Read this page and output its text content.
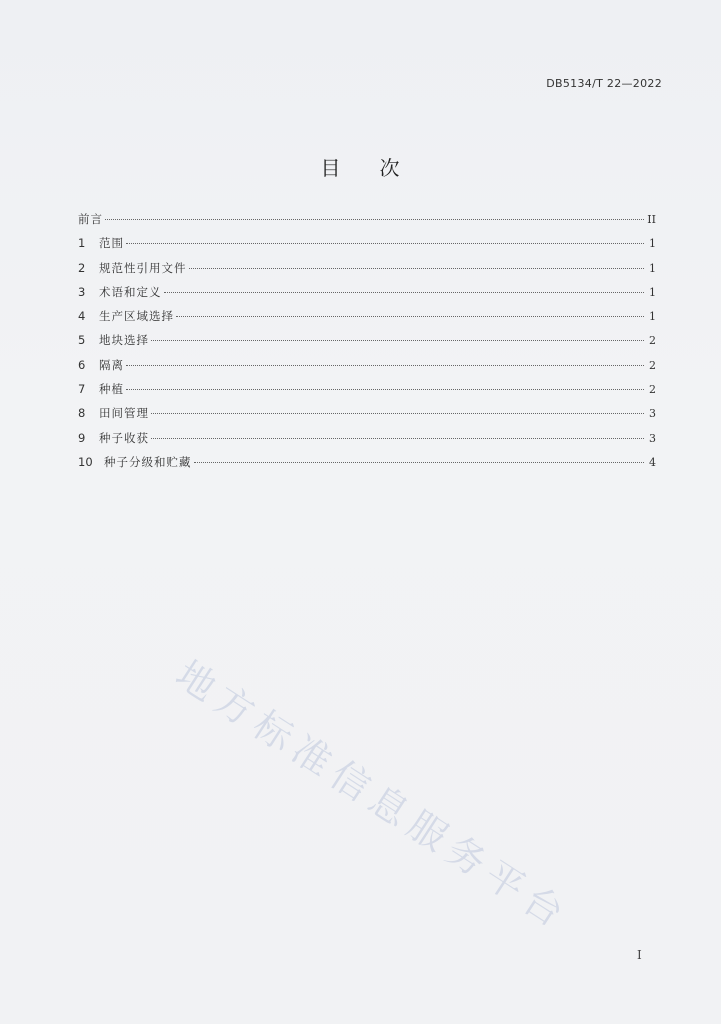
DB5134/T 22—2022
目 次
前言	II
1	范围	1
2	规范性引用文件	1
3	术语和定义	1
4	生产区域选择	1
5	地块选择	2
6	隔离	2
7	种植	2
8	田间管理	3
9	种子收获	3
10 种子分级和贮藏	4
地方标准信息服务平台
I
